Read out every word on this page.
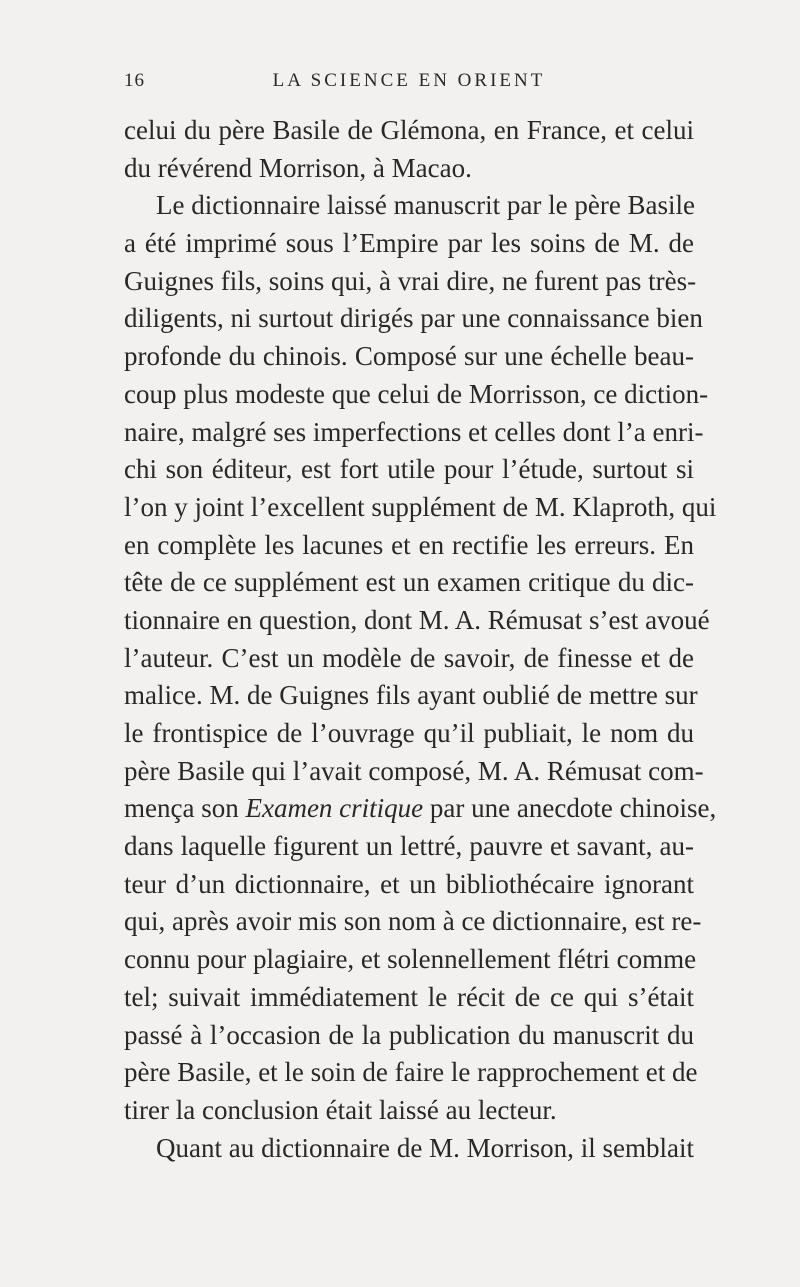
16	LA SCIENCE EN ORIENT
celui du père Basile de Glémona, en France, et celui
du révérend Morrison, à Macao.
Le dictionnaire laissé manuscrit par le père Basile
a été imprimé sous l’Empire par les soins de M. de
Guignes fils, soins qui, à vrai dire, ne furent pas très-
diligents, ni surtout dirigés par une connaissance bien
profonde du chinois. Composé sur une échelle beau-
coup plus modeste que celui de Morrisson, ce diction-
naire, malgré ses imperfections et celles dont l’a enri-
chi son éditeur, est fort utile pour l’étude, surtout si
l’on y joint l’excellent supplément de M. Klaproth, qui
en complète les lacunes et en rectifie les erreurs. En
tête de ce supplément est un examen critique du dic-
tionnaire en question, dont M. A. Rémusat s’est avoué
l’auteur. C’est un modèle de savoir, de finesse et de
malice. M. de Guignes fils ayant oublié de mettre sur
le frontispice de l’ouvrage qu’il publiait, le nom du
père Basile qui l’avait composé, M. A. Rémusat com-
mença son Examen critique par une anecdote chinoise,
dans laquelle figurent un lettré, pauvre et savant, au-
teur d’un dictionnaire, et un bibliothécaire ignorant
qui, après avoir mis son nom à ce dictionnaire, est re-
connu pour plagiaire, et solennellement flétri comme
tel; suivait immédiatement le récit de ce qui s’était
passé à l’occasion de la publication du manuscrit du
père Basile, et le soin de faire le rapprochement et de
tirer la conclusion était laissé au lecteur.
Quant au dictionnaire de M. Morrison, il semblait
